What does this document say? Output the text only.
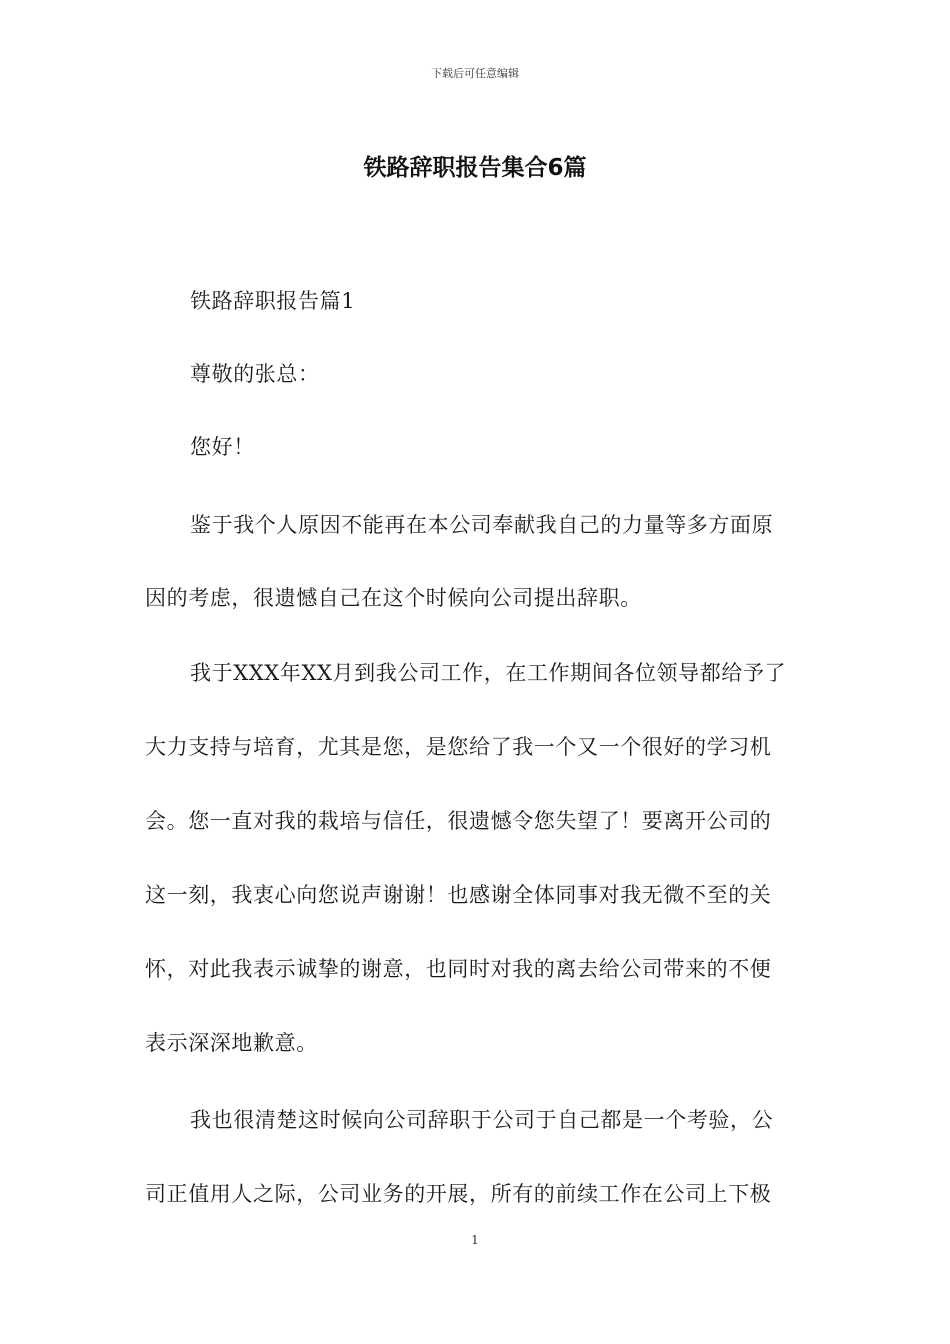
下载后可任意编辑
铁路辞职报告集合6篇
铁路辞职报告篇1
尊敬的张总：
您好！
鉴于我个人原因不能再在本公司奉献我自己的力量等多方面原
因的考虑，很遗憾自己在这个时候向公司提出辞职。
我于XXX年XX月到我公司工作，在工作期间各位领导都给予了
大力支持与培育，尤其是您，是您给了我一个又一个很好的学习机
会。您一直对我的栽培与信任，很遗憾令您失望了！要离开公司的
这一刻，我衷心向您说声谢谢！也感谢全体同事对我无微不至的关
怀，对此我表示诚挚的谢意，也同时对我的离去给公司带来的不便
表示深深地歉意。
我也很清楚这时候向公司辞职于公司于自己都是一个考验，公
司正值用人之际，公司业务的开展，所有的前续工作在公司上下极
1
